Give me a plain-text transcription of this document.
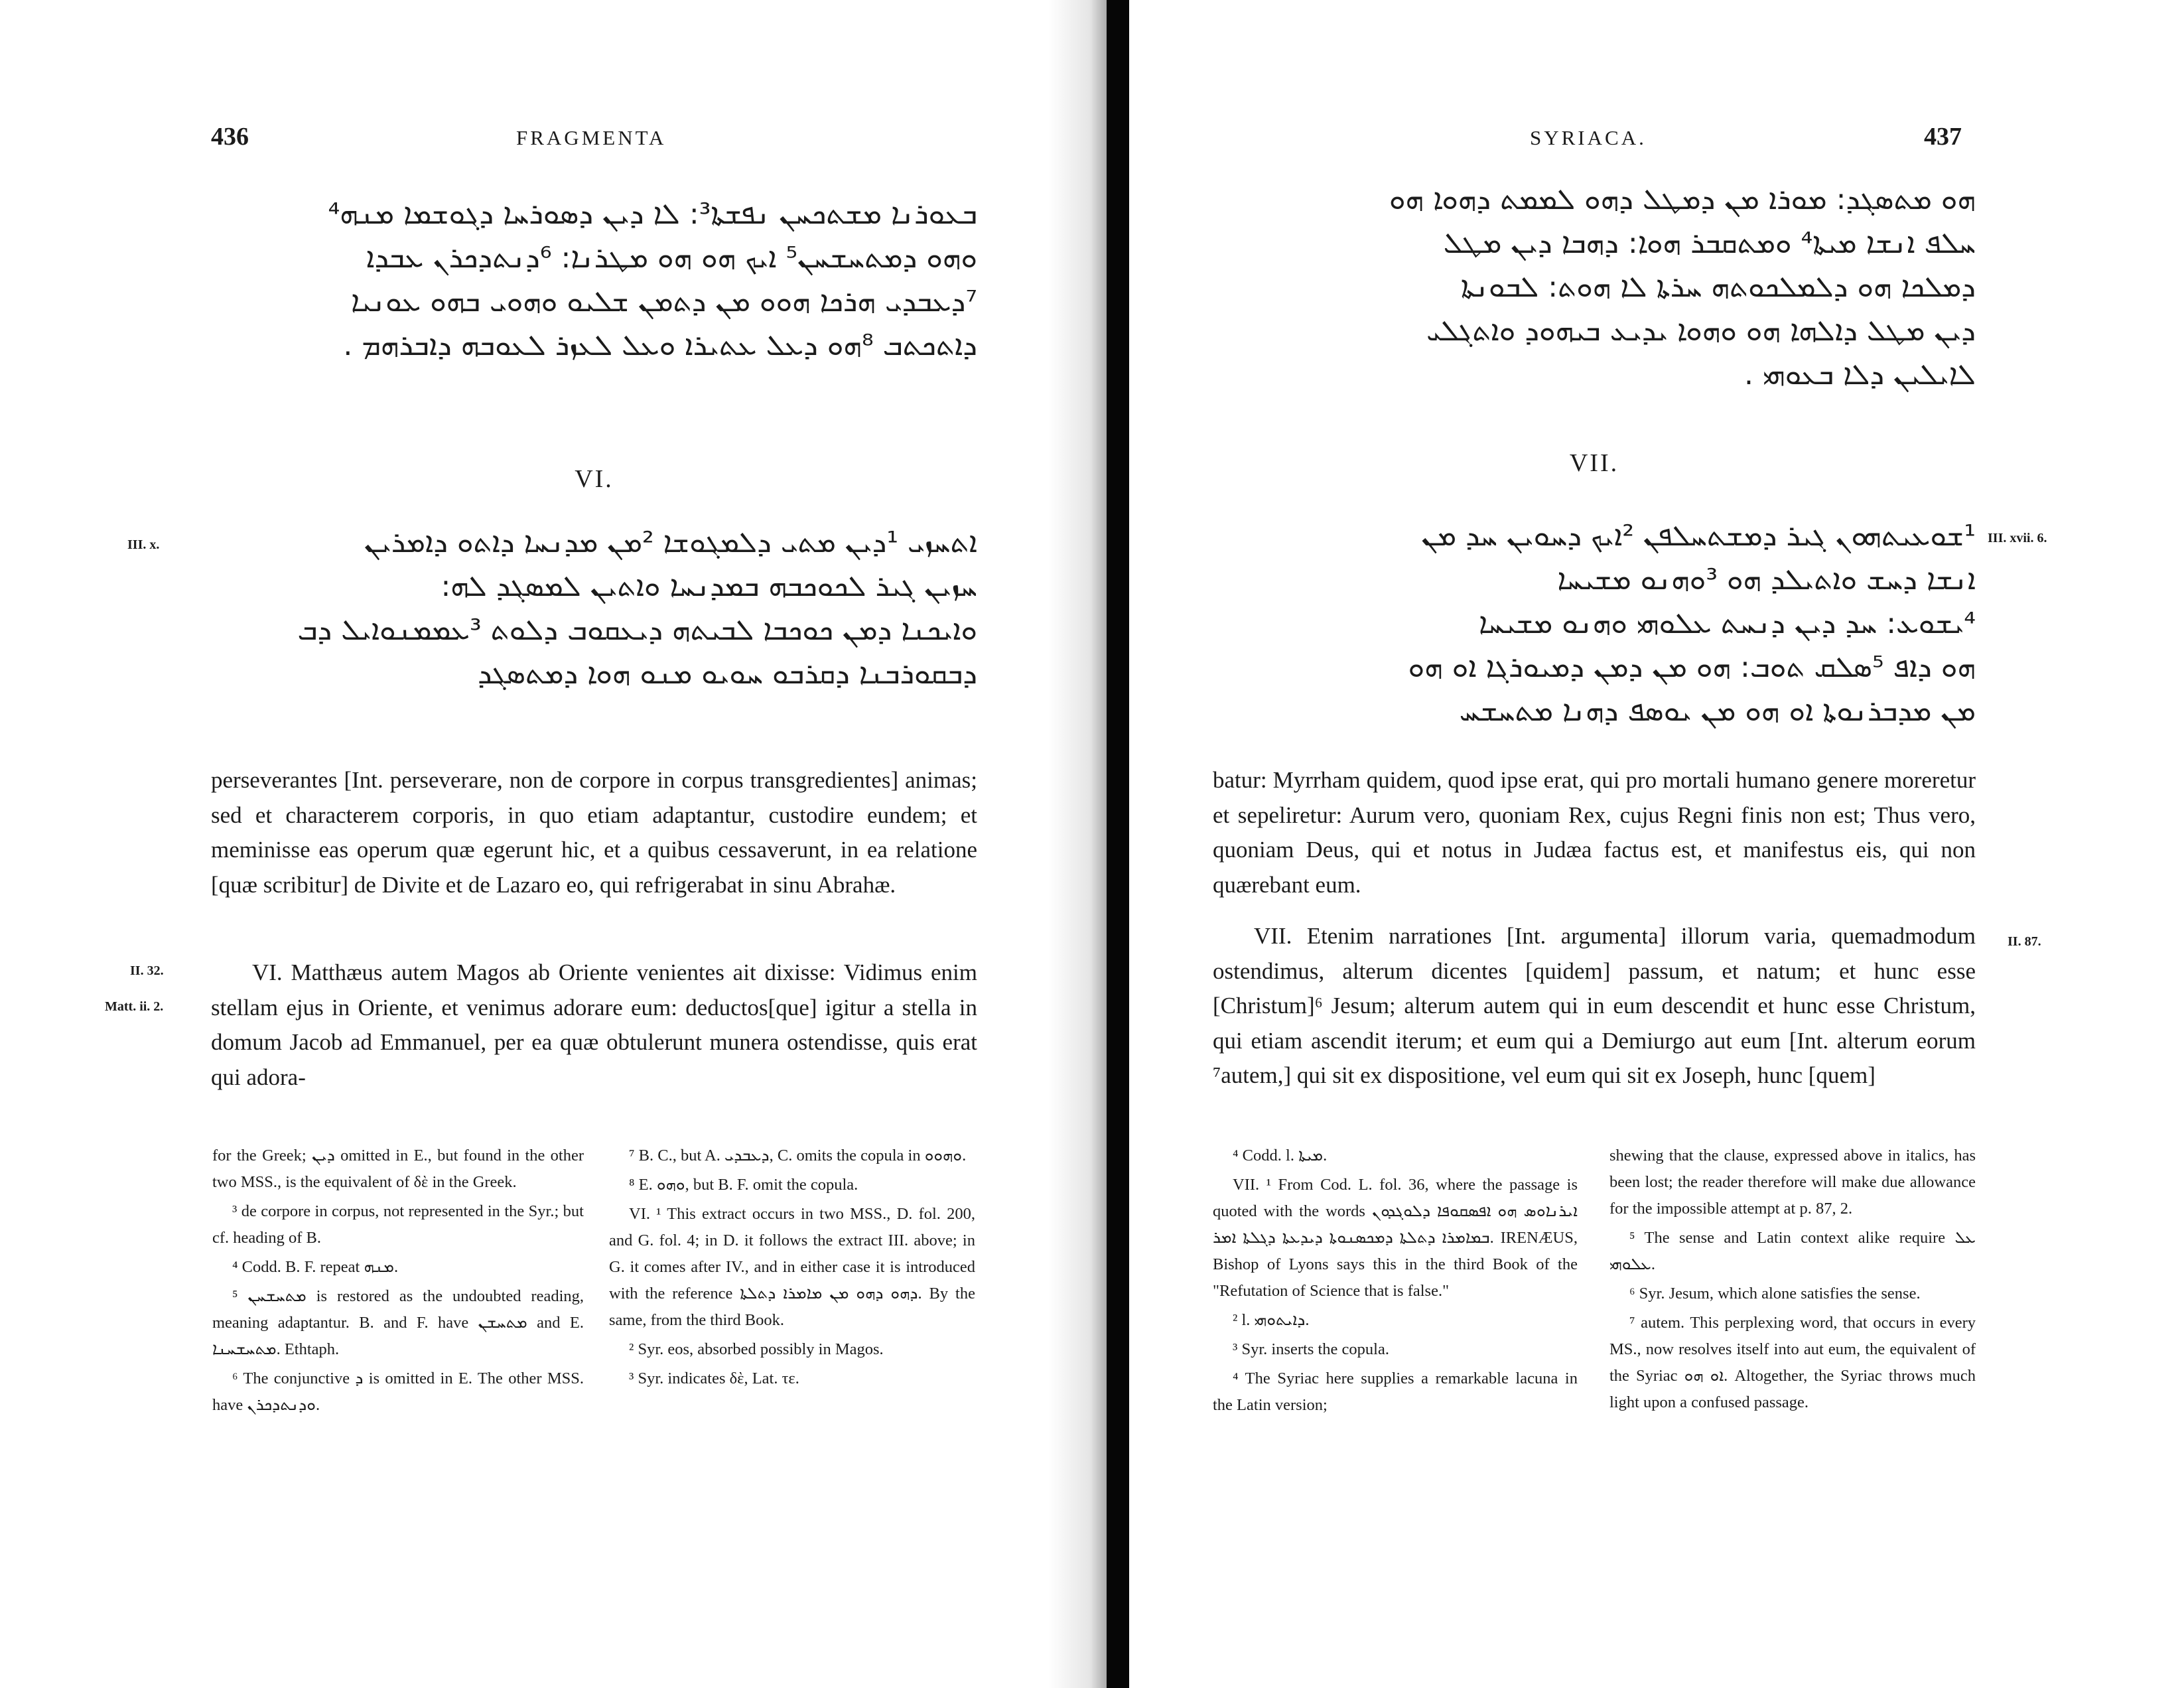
436	FRAGMENTA
ܒܥܘܪܢܐ ܡܫܬܟܚܢ ܢܦܫܬܐ³: ܠܐ ܕܝܢ ܕܣܘܪܚܐ ܕܓܘܫܡܐ ܡܢܗ⁴
ܘܗܘ ܕܡܬܚܫܚܢ⁵ ܐܝܟ ܗܘ ܗܘ ܡܛܪܢܐ: ⁶ܕܢܬܕܟܪܢ ܥܒܕܐ
⁷ܕܥܒܕܝ ܗܪܟܐ ܗܘܘ ܡܢ ܕܬܡܢ ܫܠܝܘ ܘܗܘܝ ܒܗܘ ܥܘܢܝܐ
ܕܐܬܟܬܒ ⁸ܗܘ ܕܥܠ ܥܬܝܪܐ ܘܥܠ ܠܥܙܪ ܠܥܘܒܗ ܕܐܒܪܗܡ .
VI.
III. x.	ܐܬܚܙܝ ¹ܕܝܢ ܡܬܝ ܕܠܡܓܘܫܐ ²ܡܢ ܡܕܢܚܐ ܕܐܬܘ ܕܐܡܪܝܢ
ܚܙܝܢ ܓܝܪ ܠܟܘܟܒܗ ܒܡܕܢܚܐ ܘܐܬܝܢ ܠܡܣܓܕ ܠܗ:
ܘܐܝܟܢܐ ܕܡܢ ܟܘܟܒܐ ܠܒܝܬܗ ܕܝܥܩܘܒ ܕܠܘܬ ³ܥܡܡܢܘܐܝܠ ܕܒ
ܕܒܩܘܪܒܢܐ ܕܩܪܒܘ ܚܘܝܘ ܡܢܘ ܗܘܐ ܕܡܬܣܓܕ

perseverantes [Int. perseverare, non de corpore in corpus transgredientes] animas; sed et characterem corporis, in quo etiam adaptantur, custodire eundem; et meminisse eas operum quæ egerunt hic, et a quibus cessaverunt, in ea relatione [quæ scribitur] de Divite et de Lazaro eo, qui refrigerabat in sinu Abrahæ.

II. 32.
Matt. ii. 2.

VI. Matthæus autem Magos ab Oriente venientes ait dixisse: Vidimus enim stellam ejus in Oriente, et venimus adorare eum: deductos[que] igitur a stella in domum Jacob ad Emmanuel, per ea quæ obtulerunt munera ostendisse, quis erat qui adora-

for the Greek; ܕܝܢ omitted in E., but found in the other two MSS., is the equivalent of δὲ in the Greek.

³ de corpore in corpus, not represented in the Syr.; but cf. heading of B.

⁴ Codd. B. F. repeat ܡܢܗ.

⁵ ܡܬܚܫܚܢ is restored as the undoubted reading, meaning adaptantur. B. and F. have ܡܬܚܫܢ and E. ܡܬܚܫܚܢܐ. Ethtaph.

⁶ The conjunctive ܕ is omitted in E. The other MSS. have ܘܕܢܬܕܟܪܢ.

⁷ B. C., but A. ܕܥܒܕܝ, C. omits the copula in ܘܗܘܘ.

⁸ E. ܘܗܘ, but B. F. omit the copula.

VI. ¹ This extract occurs in two MSS., D. fol. 200, and G. fol. 4; in D. it follows the extract III. above; in G. it comes after IV., and in either case it is introduced with the reference ܕܗܘ ܕܗܘ ܡܢ ܡܐܡܪܐ ܕܬܠܬܐ. By the same, from the third Book.

² Syr. eos, absorbed possibly in Magos.

³ Syr. indicates δὲ, Lat. τε.

SYRIACA.	437
ܗܘ ܡܬܣܓܕ: ܡܘܪܐ ܡܢ ܕܡܛܠ ܕܗܘ ܠܡܡܬ ܕܗܘܐ ܗܘ
ܚܠܦ ܐܢܫܐ ܡܝܬܐ⁴ ܘܡܬܩܒܪ ܗܘܐ: ܕܗܒܐ ܕܝܢ ܡܛܠ
ܕܡܠܟܐ ܗܘ ܕܠܡܠܟܘܬܗ ܚܪܬܐ ܠܐ ܗܘܬ: ܠܒܘܢܬܐ
ܕܝܢ ܡܛܠ ܕܐܠܗܐ ܗܘ ܘܗܘܐ ܝܕܝܥ ܒܝܗܘܕ ܘܐܬܓܠܝ
ܠܐܝܠܝܢ ܕܠܐ ܒܥܘܗܝ .
VII.
III. xvii. 6.
¹ܫܘܥܝܬܗܘܢ ܓܝܪ ܕܡܫܬܚܠܦܢ ²ܐܝܟ ܕܚܘܝܢ ܚܕ ܡܢ
ܐܢܫܐ ܕܚܫ ܘܐܬܝܠܕ ܗܘ ³ܘܗܢܘ ܡܫܝܚܐ
⁴ܝܫܘܥ: ܚܕ ܕܝܢ ܕܢܚܬ ܥܠܘܗܝ ܘܗܢܘ ܡܫܝܚܐ
ܗܘ ܕܐܦ ⁵ܣܠܩ ܬܘܒ: ܗܘ ܡܢ ܕܡܢ ܕܡܝܘܪܓܐ ܐܘ ܗܘ
ܡܢ ܡܕܒܪܢܘܬܐ ܐܘ ܗܘ ܡܢ ܝܘܣܦ ܕܗܢܐ ܡܬܚܫܚ

batur: Myrrham quidem, quod ipse erat, qui pro mortali humano genere moreretur et sepeliretur: Aurum vero, quoniam Rex, cujus Regni finis non est; Thus vero, quoniam Deus, qui et notus in Judæa factus est, et manifestus eis, qui non quærebant eum.

II. 87.

VII. Etenim narrationes [Int. argumenta] illorum varia, quemadmodum ostendimus, alterum dicentes [quidem] passum, et natum; et hunc esse [Christum]⁶ Jesum; alterum autem qui in eum descendit et hunc esse Christum, qui etiam ascendit iterum; et eum qui a Demiurgo aut eum [Int. alterum eorum ⁷autem,] qui sit ex dispositione, vel eum qui sit ex Joseph, hunc [quem]

⁴ Codd. l. ܡܝܬܐ.

VII. ¹ From Cod. L. fol. 36, where the passage is quoted with the words ܐܝܪܢܐܘܣ ܗܘ ܐܦܣܩܘܦܐ ܕܠܘܓܕܘܢ ܒܡܐܡܪܐ ܕܬܠܬܐ ܕܡܟܣܢܘܬܐ ܕܝܕܥܬܐ ܕܓܠܬܐ ܐܡܪ. IRENÆUS, Bishop of Lyons says this in the third Book of the "Refutation of Science that is false."

² l. ܕܐܝܬܘܗܝ.

³ Syr. inserts the copula.

⁴ The Syriac here supplies a remarkable lacuna in the Latin version;

shewing that the clause, expressed above in italics, has been lost; the reader therefore will make due allowance for the impossible attempt at p. 87, 2.

⁵ The sense and Latin context alike require ܥܠ ܥܠܘܗܝ.

⁶ Syr. Jesum, which alone satisfies the sense.

⁷ autem. This perplexing word, that occurs in every MS., now resolves itself into aut eum, the equivalent of the Syriac ܐܘ ܗܘ. Altogether, the Syriac throws much light upon a confused passage.
